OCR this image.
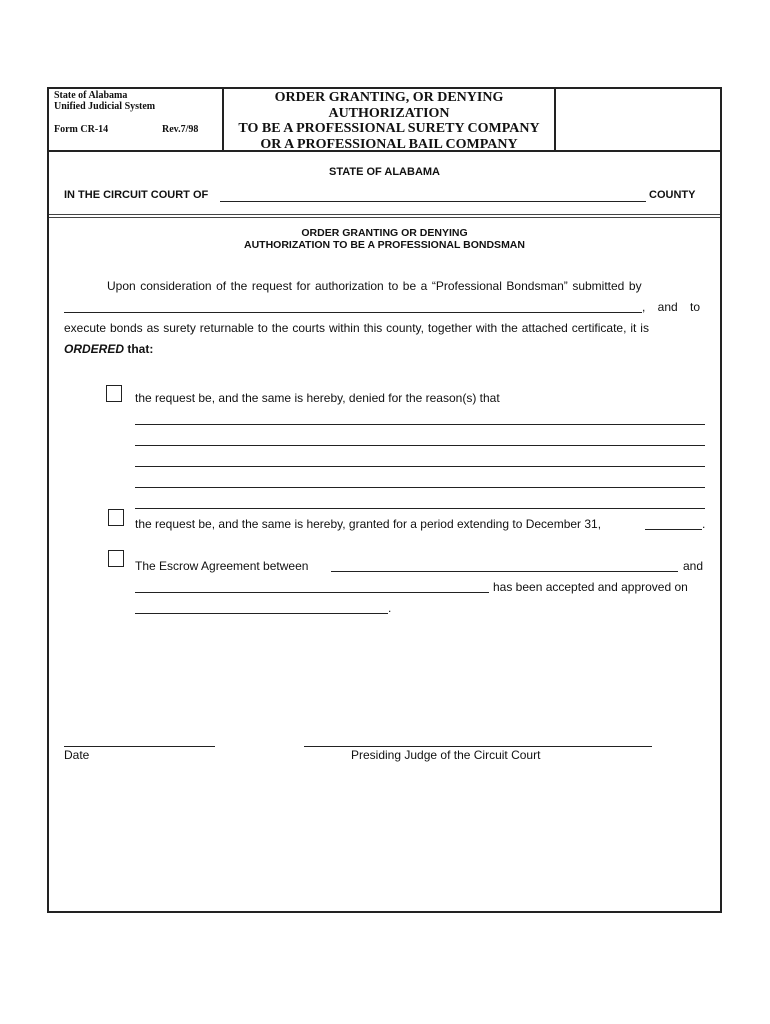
State of Alabama
Unified Judicial System
Form CR-14	Rev.7/98
ORDER GRANTING, OR DENYING
AUTHORIZATION
TO BE A PROFESSIONAL SURETY COMPANY
OR A PROFESSIONAL BAIL COMPANY
STATE OF ALABAMA
IN THE CIRCUIT COURT OF	COUNTY
ORDER GRANTING OR DENYING
AUTHORIZATION TO BE A PROFESSIONAL BONDSMAN
Upon consideration of the request for authorization to be a “Professional Bondsman” submitted by
, and to
execute bonds as surety returnable to the courts within this county, together with the attached certificate, it is
ORDERED that:
the request be, and the same is hereby, denied for the reason(s) that
the request be, and the same is hereby, granted for a period extending to December 31,	.
The Escrow Agreement between	and
has been accepted and approved on
.
Date	Presiding Judge of the Circuit Court
